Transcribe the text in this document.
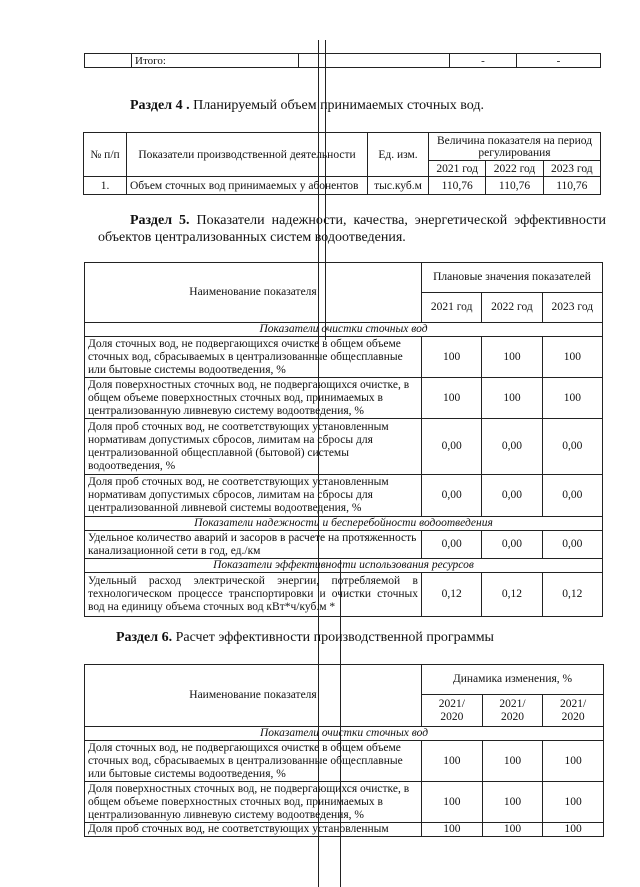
	Итого:		-	-
Раздел 4 . Планируемый объем принимаемых сточных вод.
№ п/п	Показатели производственной деятельности	Ед. изм.	Величина показателя на период регулирования		
			2021 год	2022 год	2023 год
1.	Объем сточных вод принимаемых у абонентов	тыс.куб.м	110,76	110,76	110,76
Раздел 5. Показатели надежности, качества, энергетической эффективности объектов централизованных систем водоотведения.
Наименование показателя	Плановые значения показателей		
	2021 год	2022 год	2023 год
Показатели очистки сточных вод			
Доля сточных вод, не подвергающихся очистке в общем объеме сточных вод, сбрасываемых в централизованные общесплавные или бытовые системы водоотведения, %	100	100	100
Доля поверхностных сточных вод, не подвергающихся очистке, в общем объеме поверхностных сточных вод, принимаемых в централизованную ливневую систему водоотведения, %	100	100	100
Доля проб сточных вод, не соответствующих установленным нормативам допустимых сбросов, лимитам на сбросы для централизованной общесплавной (бытовой) системы водоотведения, %	0,00	0,00	0,00
Доля проб сточных вод, не соответствующих установленным нормативам допустимых сбросов, лимитам на сбросы для централизованной ливневой системы водоотведения, %	0,00	0,00	0,00
Показатели надежности и бесперебойности водоотведения			
Удельное количество аварий и засоров в расчете на протяженность канализационной сети в год, ед./км	0,00	0,00	0,00
Показатели эффективности использования ресурсов			
Удельный расход электрической энергии, потребляемой в технологическом процессе транспортировки и очистки сточных вод на единицу объема сточных вод кВт*ч/куб.м *	0,12	0,12	0,12
Раздел 6. Расчет эффективности производственной программы
Наименование показателя	Динамика изменения, %		
	2021/ 2020	2021/ 2020	2021/ 2020
Показатели очистки сточных вод			
Доля сточных вод, не подвергающихся очистке в общем объеме сточных вод, сбрасываемых в централизованные общесплавные или бытовые системы водоотведения, %	100	100	100
Доля поверхностных сточных вод, не подвергающихся очистке, в общем объеме поверхностных сточных вод, принимаемых в централизованную ливневую систему водоотведения, %	100	100	100
Доля проб сточных вод, не соответствующих установленным	100	100	100
